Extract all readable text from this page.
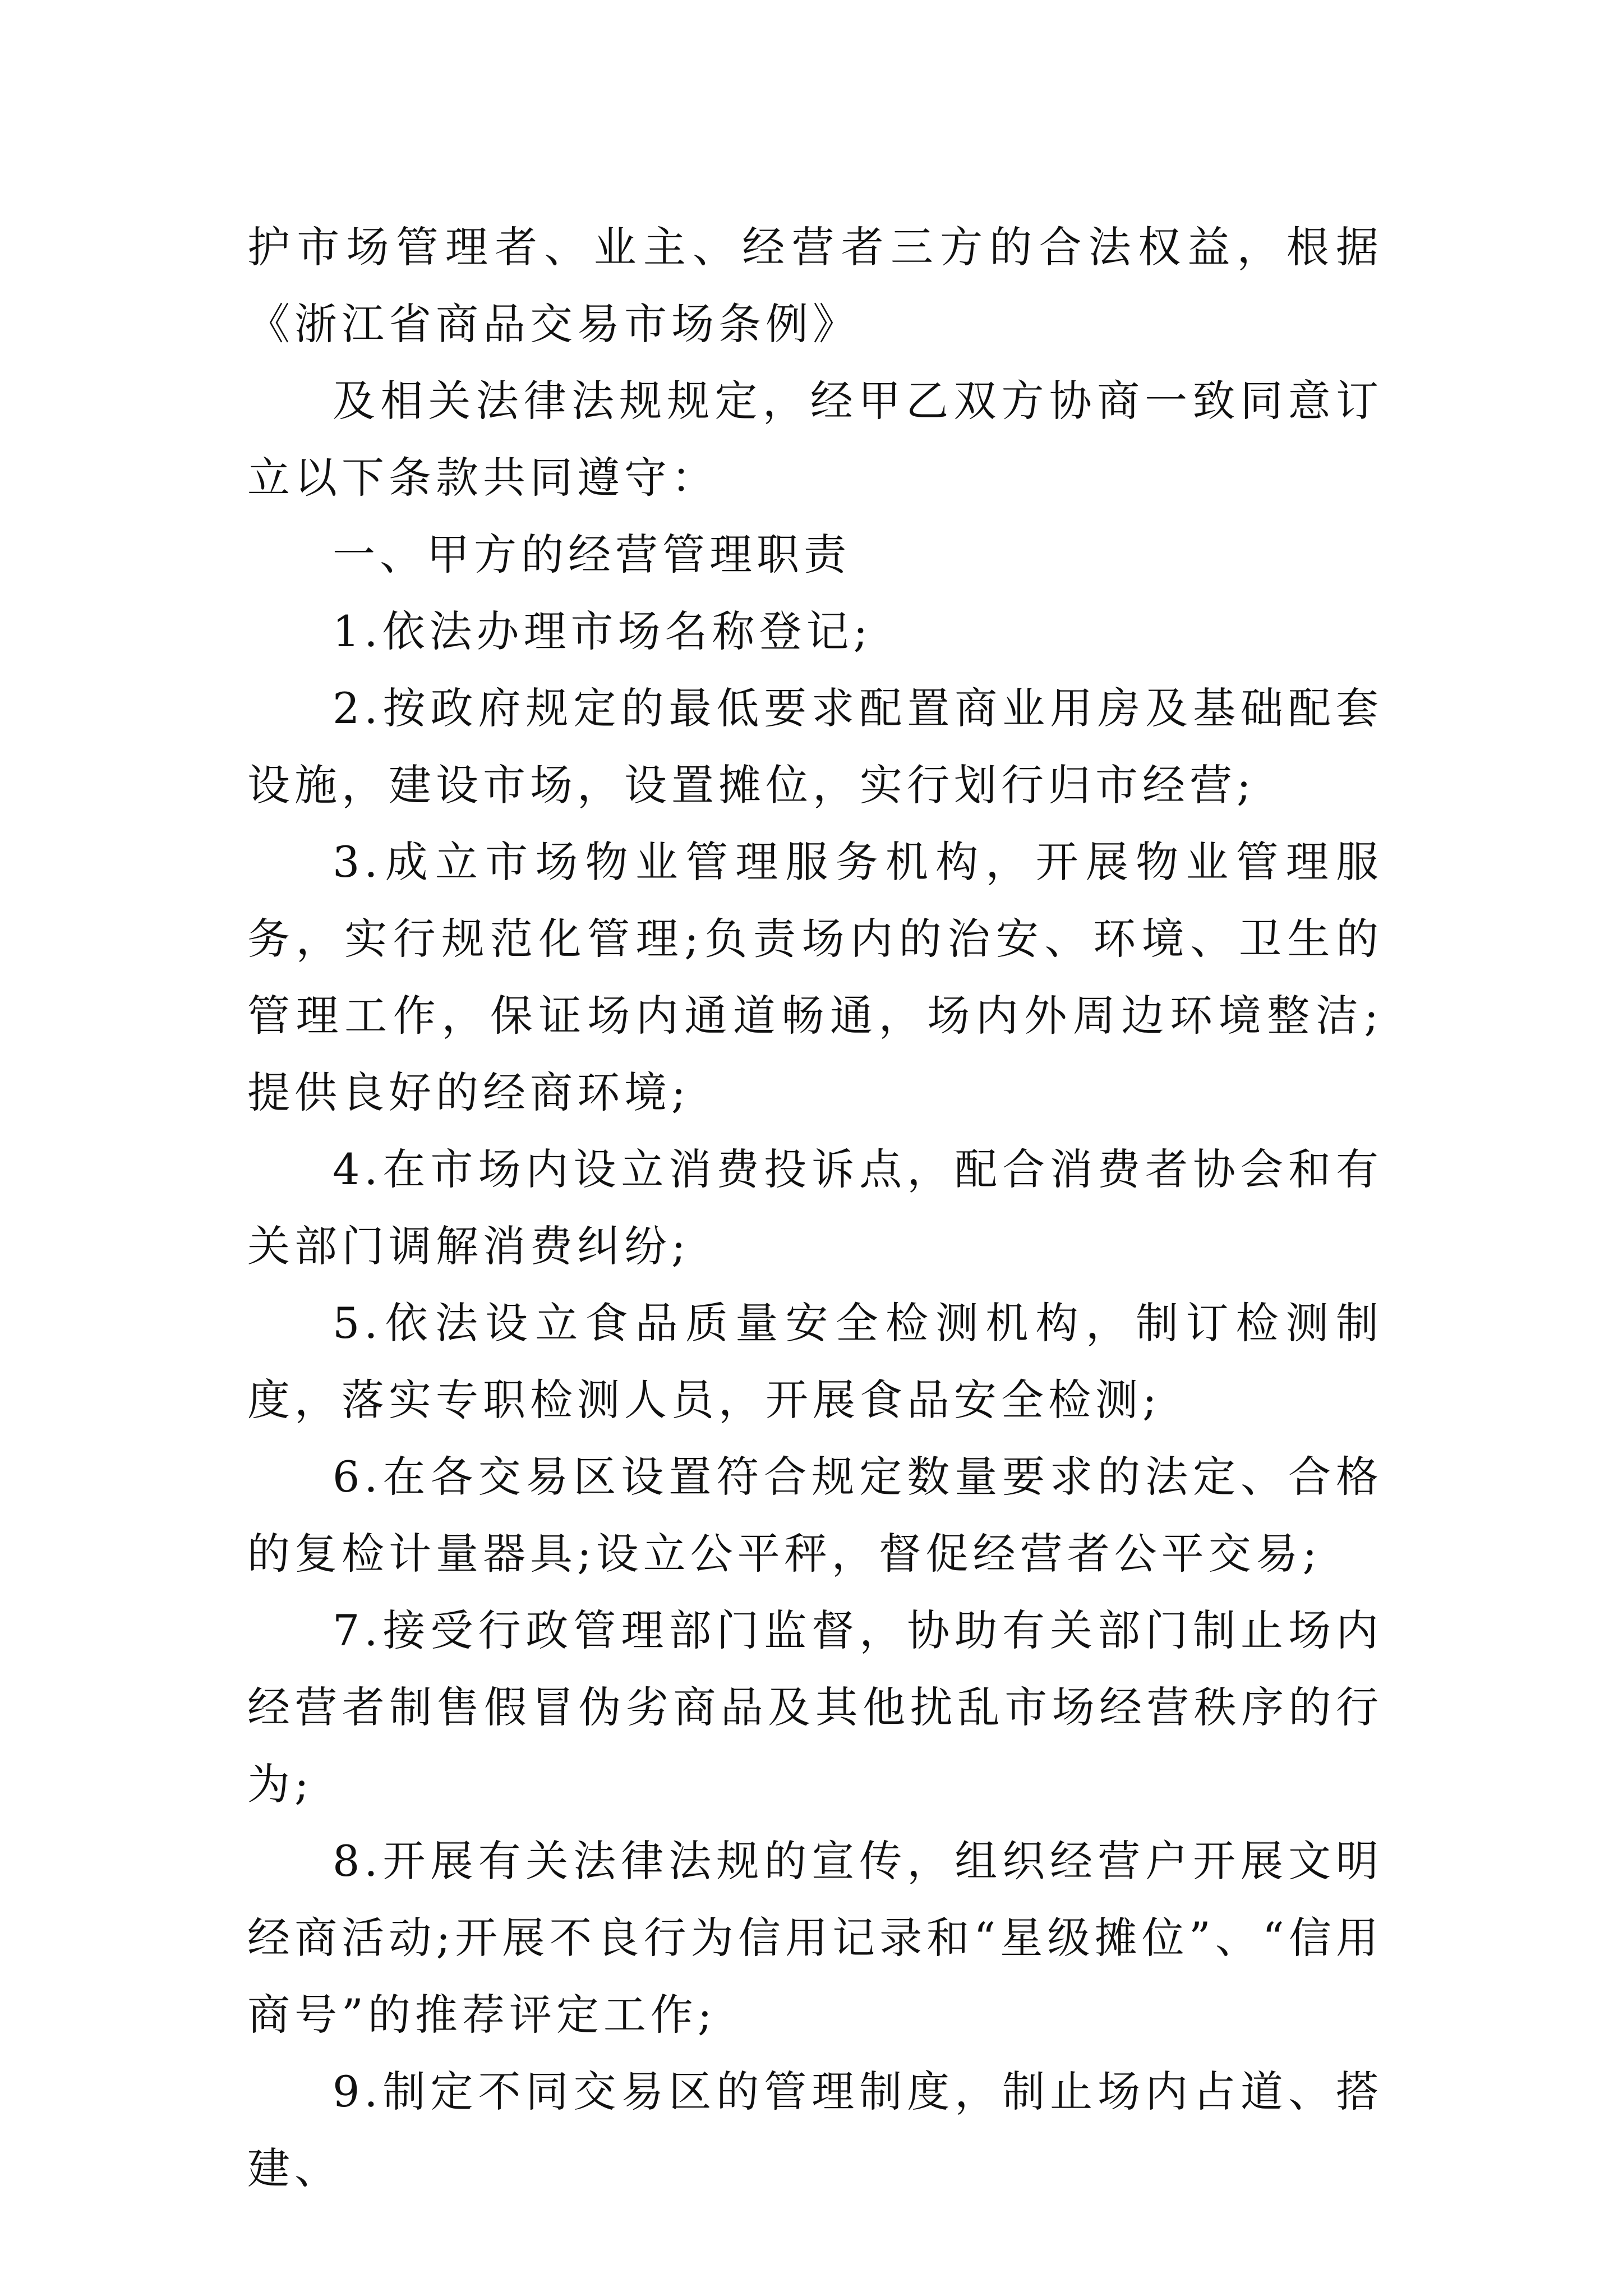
护市场管理者、业主、经营者三方的合法权益，根据《浙江省商品交易市场条例》

及相关法律法规规定，经甲乙双方协商一致同意订立以下条款共同遵守：

一、甲方的经营管理职责

1.依法办理市场名称登记;

2.按政府规定的最低要求配置商业用房及基础配套设施，建设市场，设置摊位，实行划行归市经营;

3.成立市场物业管理服务机构，开展物业管理服务，实行规范化管理;负责场内的治安、环境、卫生的管理工作，保证场内通道畅通，场内外周边环境整洁;提供良好的经商环境;

4.在市场内设立消费投诉点，配合消费者协会和有关部门调解消费纠纷;

5.依法设立食品质量安全检测机构，制订检测制度，落实专职检测人员，开展食品安全检测;

6.在各交易区设置符合规定数量要求的法定、合格的复检计量器具;设立公平秤，督促经营者公平交易;

7.接受行政管理部门监督，协助有关部门制止场内经营者制售假冒伪劣商品及其他扰乱市场经营秩序的行为;

8.开展有关法律法规的宣传，组织经营户开展文明经商活动;开展不良行为信用记录和“星级摊位”、“信用商号”的推荐评定工作;

9.制定不同交易区的管理制度，制止场内占道、搭建、
